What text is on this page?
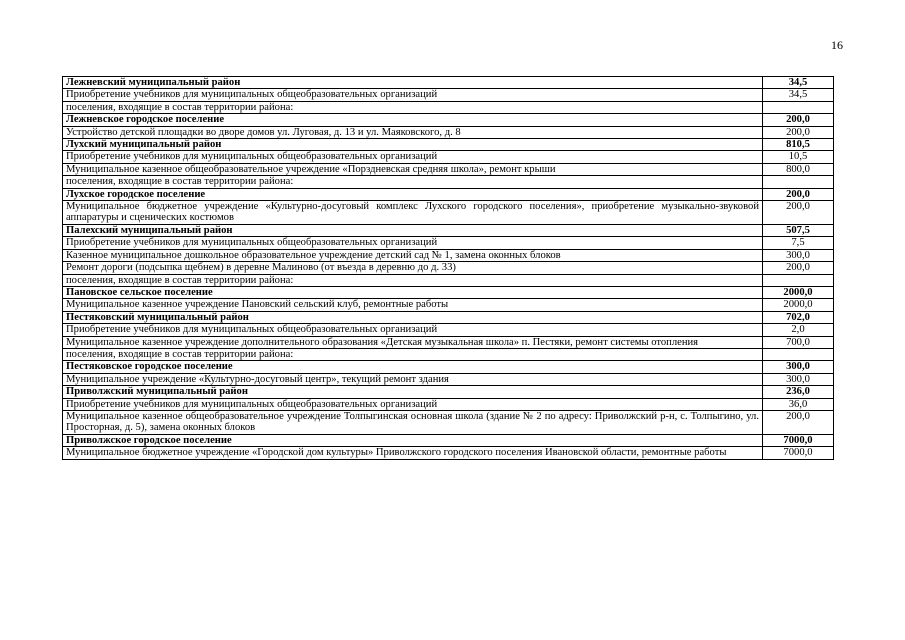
16
Лежневский муниципальный район	34,5
Приобретение учебников для муниципальных общеобразовательных организаций	34,5
поселения, входящие в состав территории района:	
Лежневское городское поселение	200,0
Устройство детской площадки во дворе домов ул. Луговая, д. 13 и ул. Маяковского, д. 8	200,0
Лухский муниципальный район	810,5
Приобретение учебников для муниципальных общеобразовательных организаций	10,5
Муниципальное казенное общеобразовательное учреждение «Порздневская средняя школа», ремонт крыши	800,0
поселения, входящие в состав территории района:	
Лухское городское поселение	200,0
Муниципальное бюджетное учреждение «Культурно-досуговый комплекс Лухского городского поселения», приобретение музыкально-звуковой аппаратуры и сценических костюмов	200,0
Палехский муниципальный район	507,5
Приобретение учебников для муниципальных общеобразовательных организаций	7,5
Казенное муниципальное дошкольное образовательное учреждение детский сад № 1, замена оконных блоков	300,0
Ремонт дороги (подсыпка щебнем) в деревне Малиново (от въезда в деревню до д. 33)	200,0
поселения, входящие в состав территории района:	
Пановское сельское поселение	2000,0
Муниципальное казенное учреждение Пановский сельский клуб, ремонтные работы	2000,0
Пестяковский муниципальный район	702,0
Приобретение учебников для муниципальных общеобразовательных организаций	2,0
Муниципальное казенное учреждение дополнительного образования «Детская музыкальная школа» п. Пестяки, ремонт системы отопления	700,0
поселения, входящие в состав территории района:	
Пестяковское городское поселение	300,0
Муниципальное учреждение «Культурно-досуговый центр», текущий ремонт здания	300,0
Приволжский муниципальный район	236,0
Приобретение учебников для муниципальных общеобразовательных организаций	36,0
Муниципальное казенное общеобразовательное учреждение Толпыгинская основная школа (здание № 2 по адресу: Приволжский р-н, с. Толпыгино, ул. Просторная, д. 5), замена оконных блоков	200,0
Приволжское городское поселение	7000,0
Муниципальное бюджетное учреждение «Городской дом культуры» Приволжского городского поселения Ивановской области, ремонтные работы	7000,0
